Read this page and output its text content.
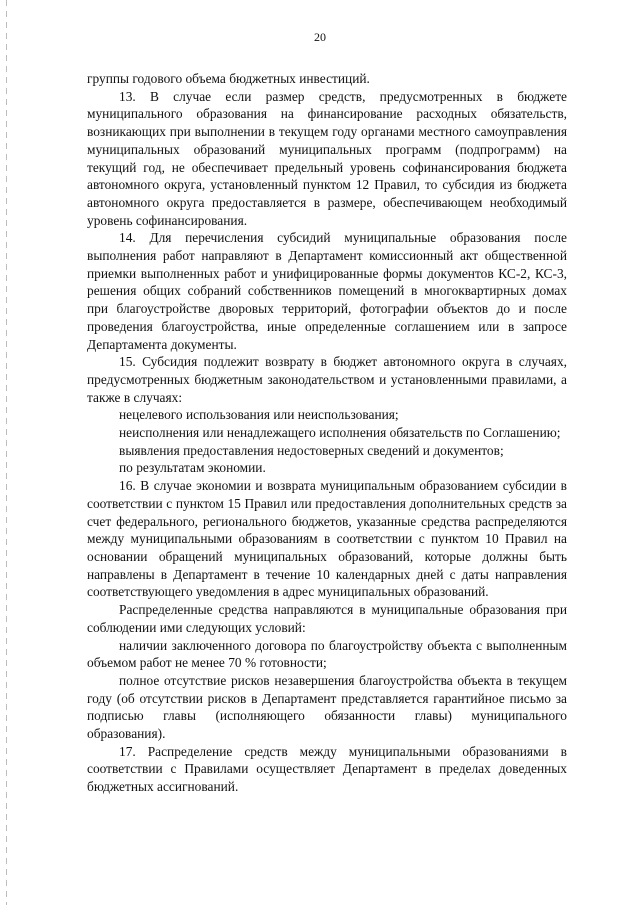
20

группы годового объема бюджетных инвестиций.

13. В случае если размер средств, предусмотренных в бюджете муниципального образования на финансирование расходных обязательств, возникающих при выполнении в текущем году органами местного самоуправления муниципальных образований муниципальных программ (подпрограмм) на текущий год, не обеспечивает предельный уровень софинансирования бюджета автономного округа, установленный пунктом 12 Правил, то субсидия из бюджета автономного округа предоставляется в размере, обеспечивающем необходимый уровень софинансирования.

14. Для перечисления субсидий муниципальные образования после выполнения работ направляют в Департамент комиссионный акт общественной приемки выполненных работ и унифицированные формы документов КС-2, КС-3, решения общих собраний собственников помещений в многоквартирных домах при благоустройстве дворовых территорий, фотографии объектов до и после проведения благоустройства, иные определенные соглашением или в запросе Департамента документы.

15. Субсидия подлежит возврату в бюджет автономного округа в случаях, предусмотренных бюджетным законодательством и установленными правилами, а также в случаях:

нецелевого использования или неиспользования;

неисполнения или ненадлежащего исполнения обязательств по Соглашению;

выявления предоставления недостоверных сведений и документов;

по результатам экономии.

16. В случае экономии и возврата муниципальным образованием субсидии в соответствии с пунктом 15 Правил или предоставления дополнительных средств за счет федерального, регионального бюджетов, указанные средства распределяются между муниципальными образованиям в соответствии с пунктом 10 Правил на основании обращений муниципальных образований, которые должны быть направлены в Департамент в течение 10 календарных дней с даты направления соответствующего уведомления в адрес муниципальных образований.

Распределенные средства направляются в муниципальные образования при соблюдении ими следующих условий:

наличии заключенного договора по благоустройству объекта с выполненным объемом работ не менее 70 % готовности;

полное отсутствие рисков незавершения благоустройства объекта в текущем году (об отсутствии рисков в Департамент представляется гарантийное письмо за подписью главы (исполняющего обязанности главы) муниципального образования).

17. Распределение средств между муниципальными образованиями в соответствии с Правилами осуществляет Департамент в пределах доведенных бюджетных ассигнований.
